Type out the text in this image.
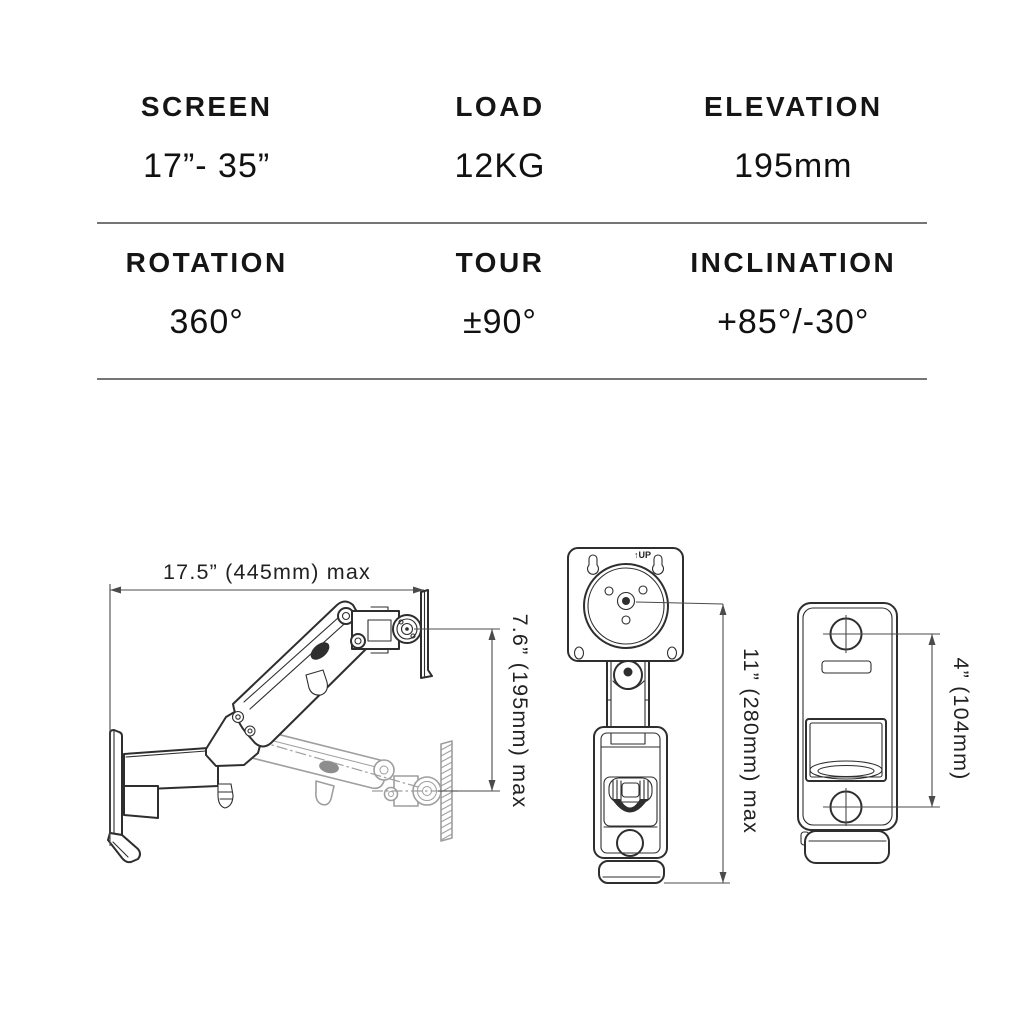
SCREEN
17”- 35”
LOAD
12KG
ELEVATION
195mm
ROTATION
360°
TOUR
±90°
INCLINATION
+85°/-30°
17.5” (445mm) max
7.6” (195mm) max
↑UP
11” (280mm) max	4” (104mm)
